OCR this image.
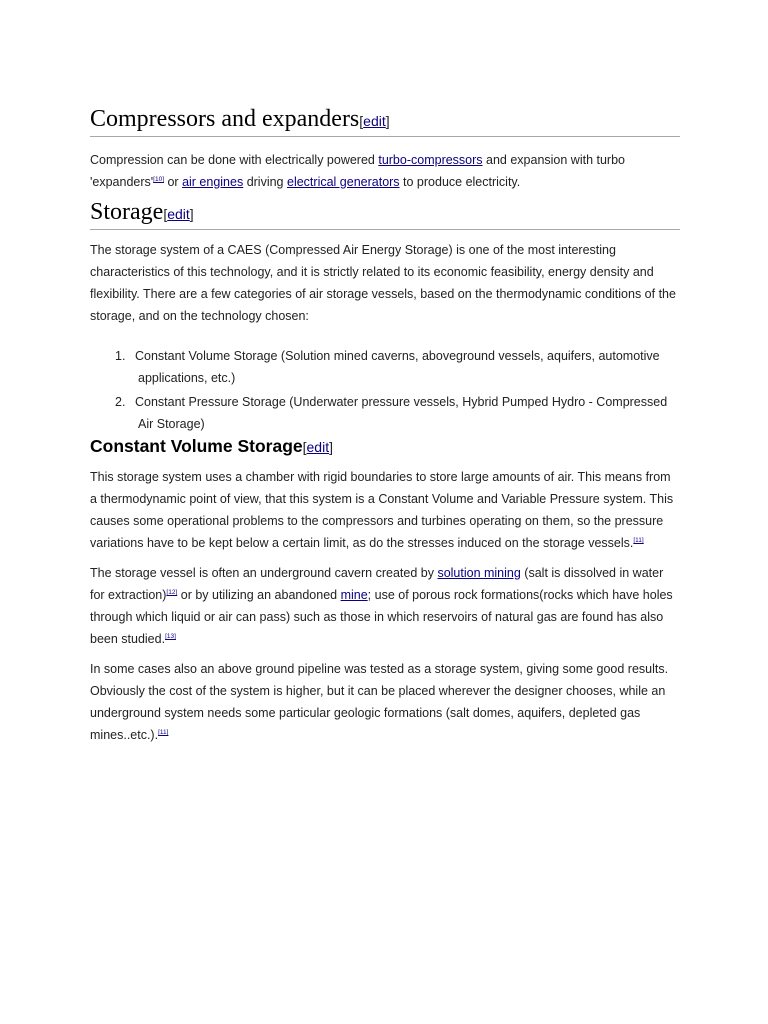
Compressors and expanders[edit]

Compression can be done with electrically powered turbo-compressors and expansion with turbo 'expanders'[10] or air engines driving electrical generators to produce electricity.

Storage[edit]

The storage system of a CAES (Compressed Air Energy Storage) is one of the most interesting characteristics of this technology, and it is strictly related to its economic feasibility, energy density and flexibility. There are a few categories of air storage vessels, based on the thermodynamic conditions of the storage, and on the technology chosen:

1. Constant Volume Storage (Solution mined caverns, aboveground vessels, aquifers, automotive applications, etc.)
2. Constant Pressure Storage (Underwater pressure vessels, Hybrid Pumped Hydro - Compressed Air Storage)
Constant Volume Storage[edit]

This storage system uses a chamber with rigid boundaries to store large amounts of air. This means from a thermodynamic point of view, that this system is a Constant Volume and Variable Pressure system. This causes some operational problems to the compressors and turbines operating on them, so the pressure variations have to be kept below a certain limit, as do the stresses induced on the storage vessels.[11]

The storage vessel is often an underground cavern created by solution mining (salt is dissolved in water for extraction)[12] or by utilizing an abandoned mine; use of porous rock formations(rocks which have holes through which liquid or air can pass) such as those in which reservoirs of natural gas are found has also been studied.[13]

In some cases also an above ground pipeline was tested as a storage system, giving some good results. Obviously the cost of the system is higher, but it can be placed wherever the designer chooses, while an underground system needs some particular geologic formations (salt domes, aquifers, depleted gas mines..etc.).[11]
